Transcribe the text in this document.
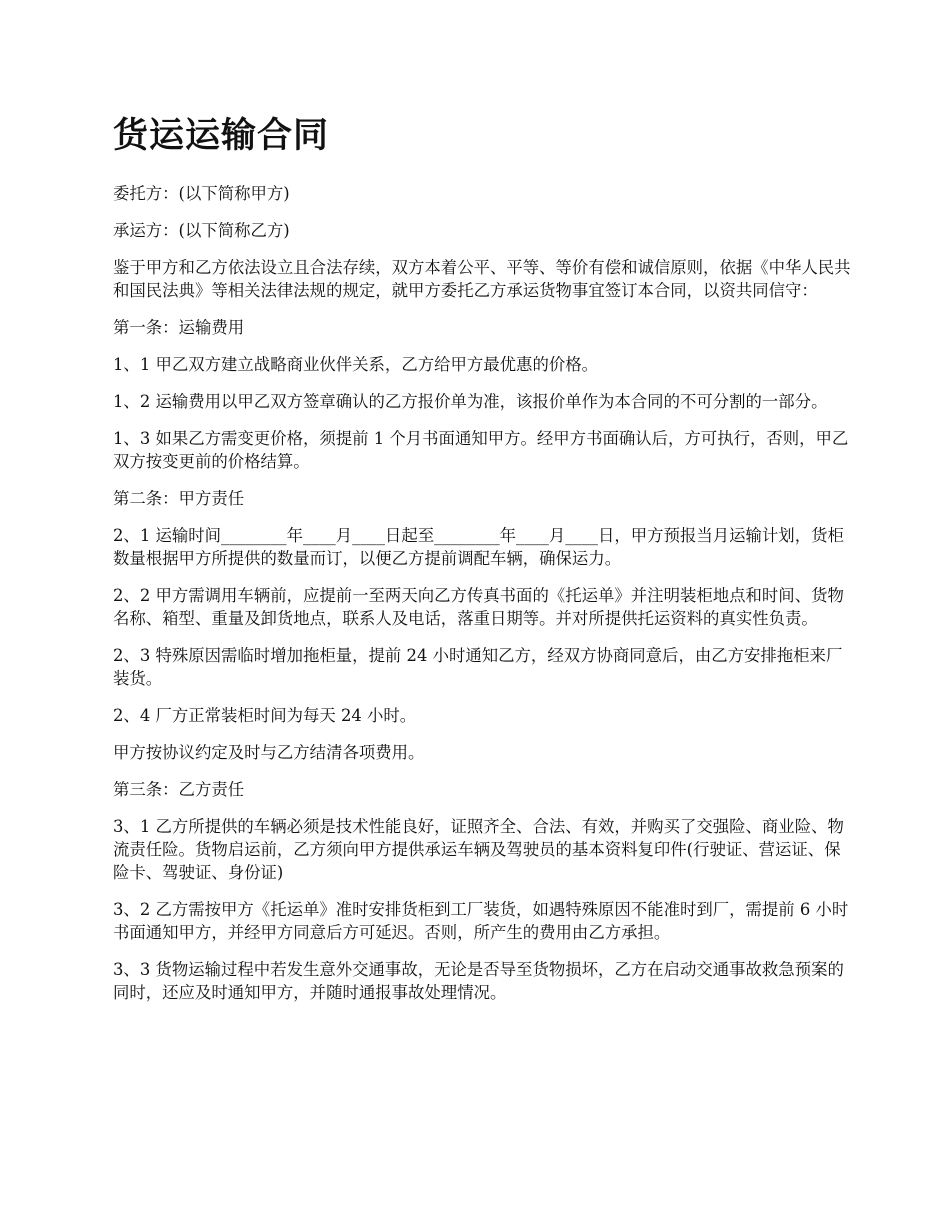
货运运输合同

委托方：(以下简称甲方)

承运方：(以下简称乙方)

鉴于甲方和乙方依法设立且合法存续，双方本着公平、平等、等价有偿和诚信原则，依据《中华人民共和国民法典》等相关法律法规的规定，就甲方委托乙方承运货物事宜签订本合同，以资共同信守：

第一条：运输费用

1、1 甲乙双方建立战略商业伙伴关系，乙方给甲方最优惠的价格。

1、2 运输费用以甲乙双方签章确认的乙方报价单为准，该报价单作为本合同的不可分割的一部分。

1、3 如果乙方需变更价格，须提前 1 个月书面通知甲方。经甲方书面确认后，方可执行，否则，甲乙双方按变更前的价格结算。

第二条：甲方责任

2、1 运输时间________年____月____日起至________年____月____日，甲方预报当月运输计划，货柜数量根据甲方所提供的数量而订，以便乙方提前调配车辆，确保运力。

2、2 甲方需调用车辆前，应提前一至两天向乙方传真书面的《托运单》并注明装柜地点和时间、货物名称、箱型、重量及卸货地点，联系人及电话，落重日期等。并对所提供托运资料的真实性负责。

2、3 特殊原因需临时增加拖柜量，提前 24 小时通知乙方，经双方协商同意后，由乙方安排拖柜来厂装货。

2、4 厂方正常装柜时间为每天 24 小时。

甲方按协议约定及时与乙方结清各项费用。

第三条：乙方责任

3、1 乙方所提供的车辆必须是技术性能良好，证照齐全、合法、有效，并购买了交强险、商业险、物流责任险。货物启运前，乙方须向甲方提供承运车辆及驾驶员的基本资料复印件(行驶证、营运证、保险卡、驾驶证、身份证)

3、2 乙方需按甲方《托运单》准时安排货柜到工厂装货，如遇特殊原因不能准时到厂，需提前 6 小时书面通知甲方，并经甲方同意后方可延迟。否则，所产生的费用由乙方承担。

3、3 货物运输过程中若发生意外交通事故，无论是否导至货物损坏，乙方在启动交通事故救急预案的同时，还应及时通知甲方，并随时通报事故处理情况。
